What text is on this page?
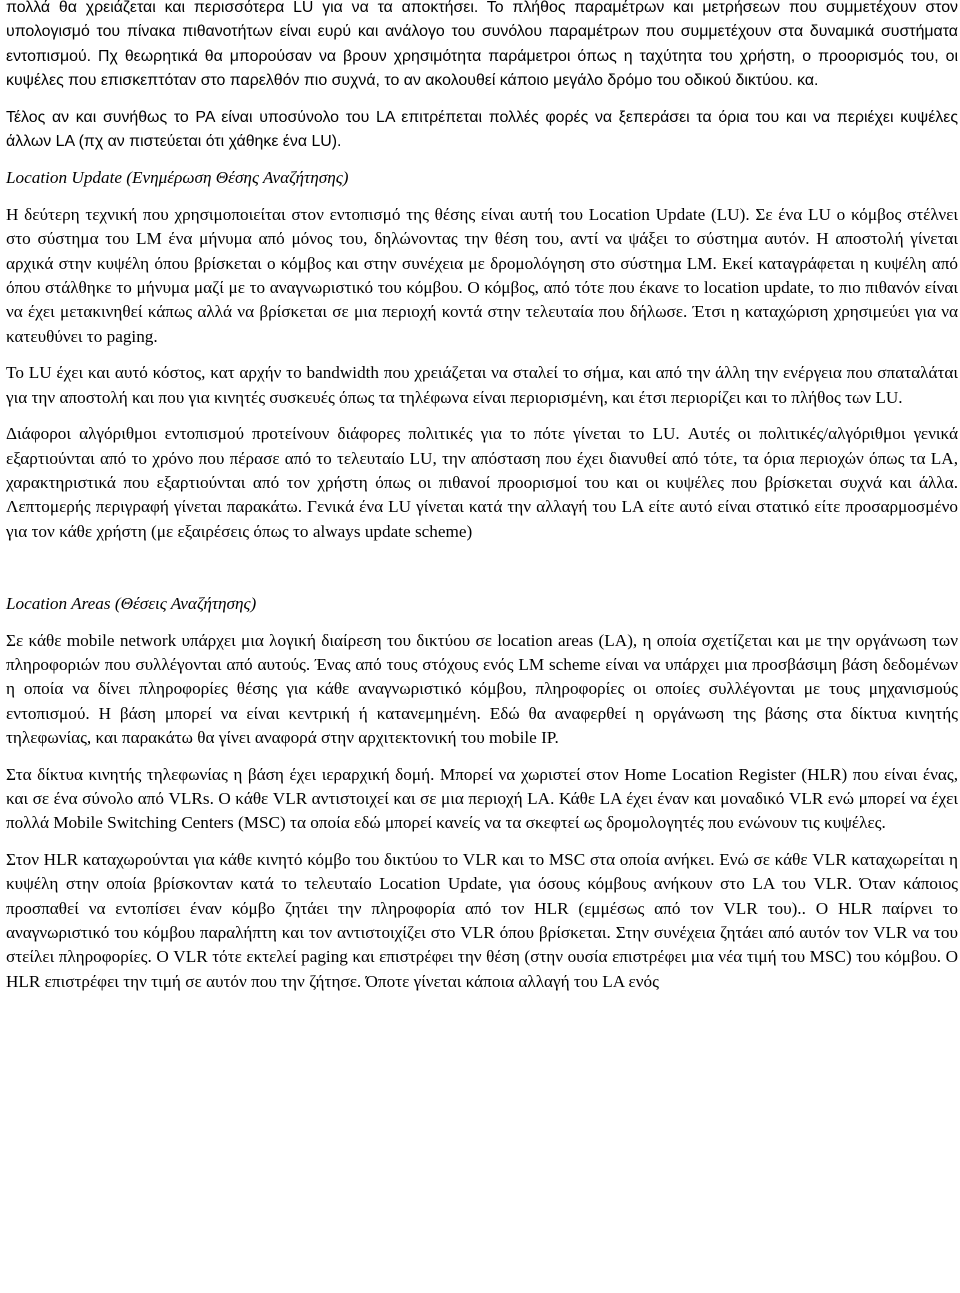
πολλά θα χρειάζεται και περισσότερα LU για να τα αποκτήσει. Το πλήθος παραμέτρων και μετρήσεων που συμμετέχουν στον υπολογισμό του πίνακα πιθανοτήτων είναι ευρύ και ανάλογο του συνόλου παραμέτρων που συμμετέχουν στα δυναμικά συστήματα εντοπισμού. Πχ θεωρητικά θα μπορούσαν να βρουν χρησιμότητα παράμετροι όπως η ταχύτητα του χρήστη, ο προορισμός του, οι κυψέλες που επισκεπτόταν στο παρελθόν πιο συχνά, το αν ακολουθεί κάποιο μεγάλο δρόμο του οδικού δικτύου. κα.

Τέλος αν και συνήθως το PA είναι υποσύνολο του LA επιτρέπεται πολλές φορές να ξεπεράσει τα όρια του και να περιέχει κυψέλες άλλων LA (πχ αν πιστεύεται ότι χάθηκε ένα LU).

Location Update (Ενημέρωση Θέσης Αναζήτησης)

Η δεύτερη τεχνική που χρησιμοποιείται στον εντοπισμό της θέσης είναι αυτή του Location Update (LU). Σε ένα LU ο κόμβος στέλνει στο σύστημα του LM ένα μήνυμα από μόνος του, δηλώνοντας την θέση του, αντί να ψάξει το σύστημα αυτόν. Η αποστολή γίνεται αρχικά στην κυψέλη όπου βρίσκεται ο κόμβος και στην συνέχεια με δρομολόγηση στο σύστημα LM. Εκεί καταγράφεται η κυψέλη από όπου στάλθηκε το μήνυμα μαζί με το αναγνωριστικό του κόμβου. Ο κόμβος, από τότε που έκανε το location update, το πιο πιθανόν είναι να έχει μετακινηθεί κάπως αλλά να βρίσκεται σε μια περιοχή κοντά στην τελευταία που δήλωσε. Έτσι η καταχώριση χρησιμεύει για να κατευθύνει το paging.

Το LU έχει και αυτό κόστος, κατ αρχήν το bandwidth που χρειάζεται να σταλεί το σήμα, και από την άλλη την ενέργεια που σπαταλάται για την αποστολή και που για κινητές συσκευές όπως τα τηλέφωνα είναι περιορισμένη, και έτσι περιορίζει και το πλήθος των LU.

Διάφοροι αλγόριθμοι εντοπισμού προτείνουν διάφορες πολιτικές για το πότε γίνεται το LU. Αυτές οι πολιτικές/αλγόριθμοι γενικά εξαρτιούνται από το χρόνο που πέρασε από το τελευταίο LU, την απόσταση που έχει διανυθεί από τότε, τα όρια περιοχών όπως τα LA, χαρακτηριστικά που εξαρτιούνται από τον χρήστη όπως οι πιθανοί προορισμοί του και οι κυψέλες που βρίσκεται συχνά και άλλα. Λεπτομερής περιγραφή γίνεται παρακάτω. Γενικά ένα LU γίνεται κατά την αλλαγή του LA είτε αυτό είναι στατικό είτε προσαρμοσμένο για τον κάθε χρήστη (με εξαιρέσεις όπως το always update scheme)

Location Areas (Θέσεις Αναζήτησης)

Σε κάθε mobile network υπάρχει μια λογική διαίρεση του δικτύου σε location areas (LA), η οποία σχετίζεται και με την οργάνωση των πληροφοριών που συλλέγονται από αυτούς. Ένας από τους στόχους ενός LM scheme είναι να υπάρχει μια προσβάσιμη βάση δεδομένων η οποία να δίνει πληροφορίες θέσης για κάθε αναγνωριστικό κόμβου, πληροφορίες οι οποίες συλλέγονται με τους μηχανισμούς εντοπισμού. Η βάση μπορεί να είναι κεντρική ή κατανεμημένη. Εδώ θα αναφερθεί η οργάνωση της βάσης στα δίκτυα κινητής τηλεφωνίας, και παρακάτω θα γίνει αναφορά στην αρχιτεκτονική του mobile IP.

Στα δίκτυα κινητής τηλεφωνίας η βάση έχει ιεραρχική δομή. Μπορεί να χωριστεί στον Home Location Register (HLR) που είναι ένας, και σε ένα σύνολο από VLRs. Ο κάθε VLR αντιστοιχεί και σε μια περιοχή LA. Κάθε LA έχει έναν και μοναδικό VLR ενώ μπορεί να έχει πολλά Mobile Switching Centers (MSC) τα οποία εδώ μπορεί κανείς να τα σκεφτεί ως δρομολογητές που ενώνουν τις κυψέλες.

Στον HLR καταχωρούνται για κάθε κινητό κόμβο του δικτύου το VLR και το MSC στα οποία ανήκει. Ενώ σε κάθε VLR καταχωρείται η κυψέλη στην οποία βρίσκονταν κατά το τελευταίο Location Update, για όσους κόμβους ανήκουν στο LA του VLR. Όταν κάποιος προσπαθεί να εντοπίσει έναν κόμβο ζητάει την πληροφορία από τον HLR (εμμέσως από τον VLR του).. Ο HLR παίρνει το αναγνωριστικό του κόμβου παραλήπτη και τον αντιστοιχίζει στο VLR όπου βρίσκεται. Στην συνέχεια ζητάει από αυτόν τον VLR να του στείλει πληροφορίες. Ο VLR τότε εκτελεί paging και επιστρέφει την θέση (στην ουσία επιστρέφει μια νέα τιμή του MSC) του κόμβου. Ο HLR επιστρέφει την τιμή σε αυτόν που την ζήτησε. Όποτε γίνεται κάποια αλλαγή του LA ενός
